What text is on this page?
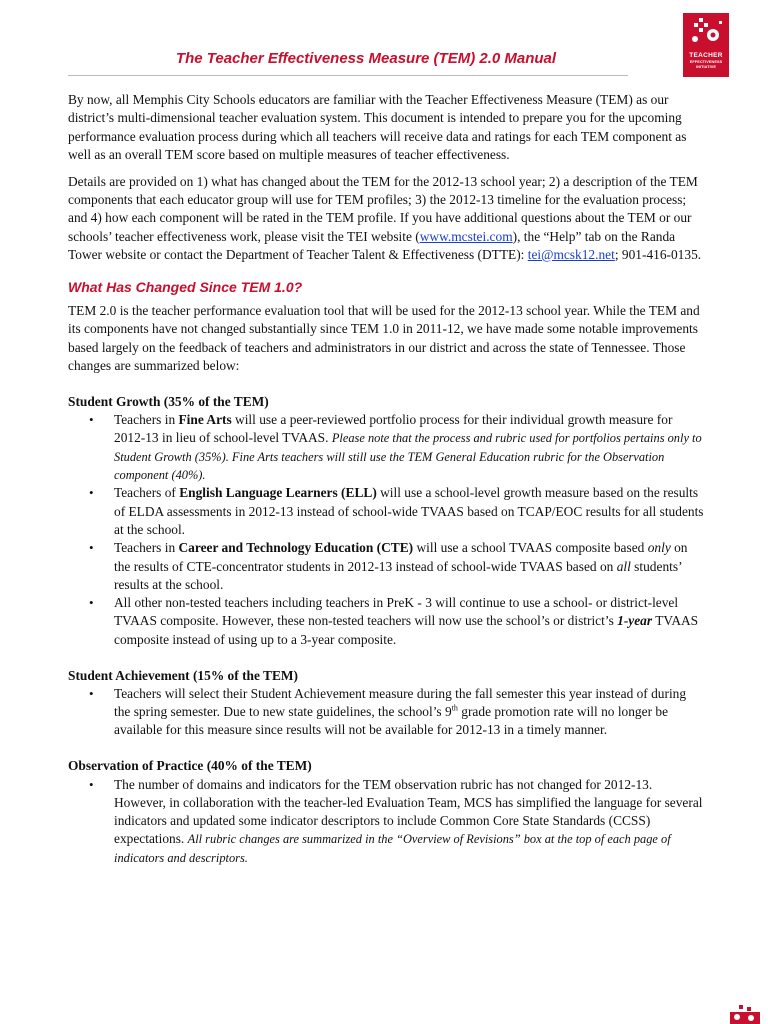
TEACHER
EFFECTIVENESS
INITIATIVE
The Teacher Effectiveness Measure (TEM) 2.0 Manual

By now, all Memphis City Schools educators are familiar with the Teacher Effectiveness Measure (TEM) as our district’s multi-dimensional teacher evaluation system. This document is intended to prepare you for the upcoming performance evaluation process during which all teachers will receive data and ratings for each TEM component as well as an overall TEM score based on multiple measures of teacher effectiveness.

Details are provided on 1) what has changed about the TEM for the 2012-13 school year; 2) a description of the TEM components that each educator group will use for TEM profiles; 3) the 2012-13 timeline for the evaluation process; and 4) how each component will be rated in the TEM profile. If you have additional questions about the TEM or our schools’ teacher effectiveness work, please visit the TEI website (www.mcstei.com), the “Help” tab on the Randa Tower website or contact the Department of Teacher Talent & Effectiveness (DTTE): tei@mcsk12.net; 901-416-0135.

What Has Changed Since TEM 1.0?

TEM 2.0 is the teacher performance evaluation tool that will be used for the 2012-13 school year. While the TEM and its components have not changed substantially since TEM 1.0 in 2011-12, we have made some notable improvements based largely on the feedback of teachers and administrators in our district and across the state of Tennessee. Those changes are summarized below:

Student Growth (35% of the TEM)

• Teachers in Fine Arts will use a peer-reviewed portfolio process for their individual growth measure for 2012-13 in lieu of school-level TVAAS. Please note that the process and rubric used for portfolios pertains only to Student Growth (35%). Fine Arts teachers will still use the TEM General Education rubric for the Observation component (40%).
• Teachers of English Language Learners (ELL) will use a school-level growth measure based on the results of ELDA assessments in 2012-13 instead of school-wide TVAAS based on TCAP/EOC results for all students at the school.
• Teachers in Career and Technology Education (CTE) will use a school TVAAS composite based only on the results of CTE-concentrator students in 2012-13 instead of school-wide TVAAS based on all students’ results at the school.
• All other non-tested teachers including teachers in PreK - 3 will continue to use a school- or district-level TVAAS composite. However, these non-tested teachers will now use the school’s or district’s 1-year TVAAS composite instead of using up to a 3-year composite.

Student Achievement (15% of the TEM)

• Teachers will select their Student Achievement measure during the fall semester this year instead of during the spring semester. Due to new state guidelines, the school’s 9th grade promotion rate will no longer be available for this measure since results will not be available for 2012-13 in a timely manner.

Observation of Practice (40% of the TEM)

• The number of domains and indicators for the TEM observation rubric has not changed for 2012-13. However, in collaboration with the teacher-led Evaluation Team, MCS has simplified the language for several indicators and updated some indicator descriptors to include Common Core State Standards (CCSS) expectations. All rubric changes are summarized in the “Overview of Revisions” box at the top of each page of indicators and descriptors.
